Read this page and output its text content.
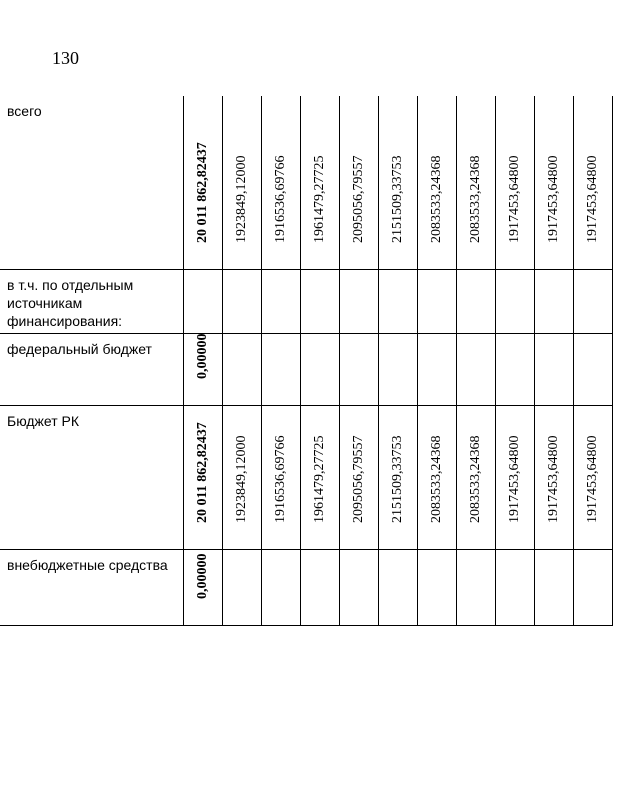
130
всего	20 011 862,82437	1923849,12000	1916536,69766	1961479,27725	2095056,79557	2151509,33753	2083533,24368	2083533,24368	1917453,64800	1917453,64800	1917453,64800

в т.ч. по отдельным источникам финансирования:											
федеральный бюджет	0,00000										

Бюджет РК	20 011 862,82437	1923849,12000	1916536,69766	1961479,27725	2095056,79557	2151509,33753	2083533,24368	2083533,24368	1917453,64800	1917453,64800	1917453,64800

внебюджетные средства	0,00000										
